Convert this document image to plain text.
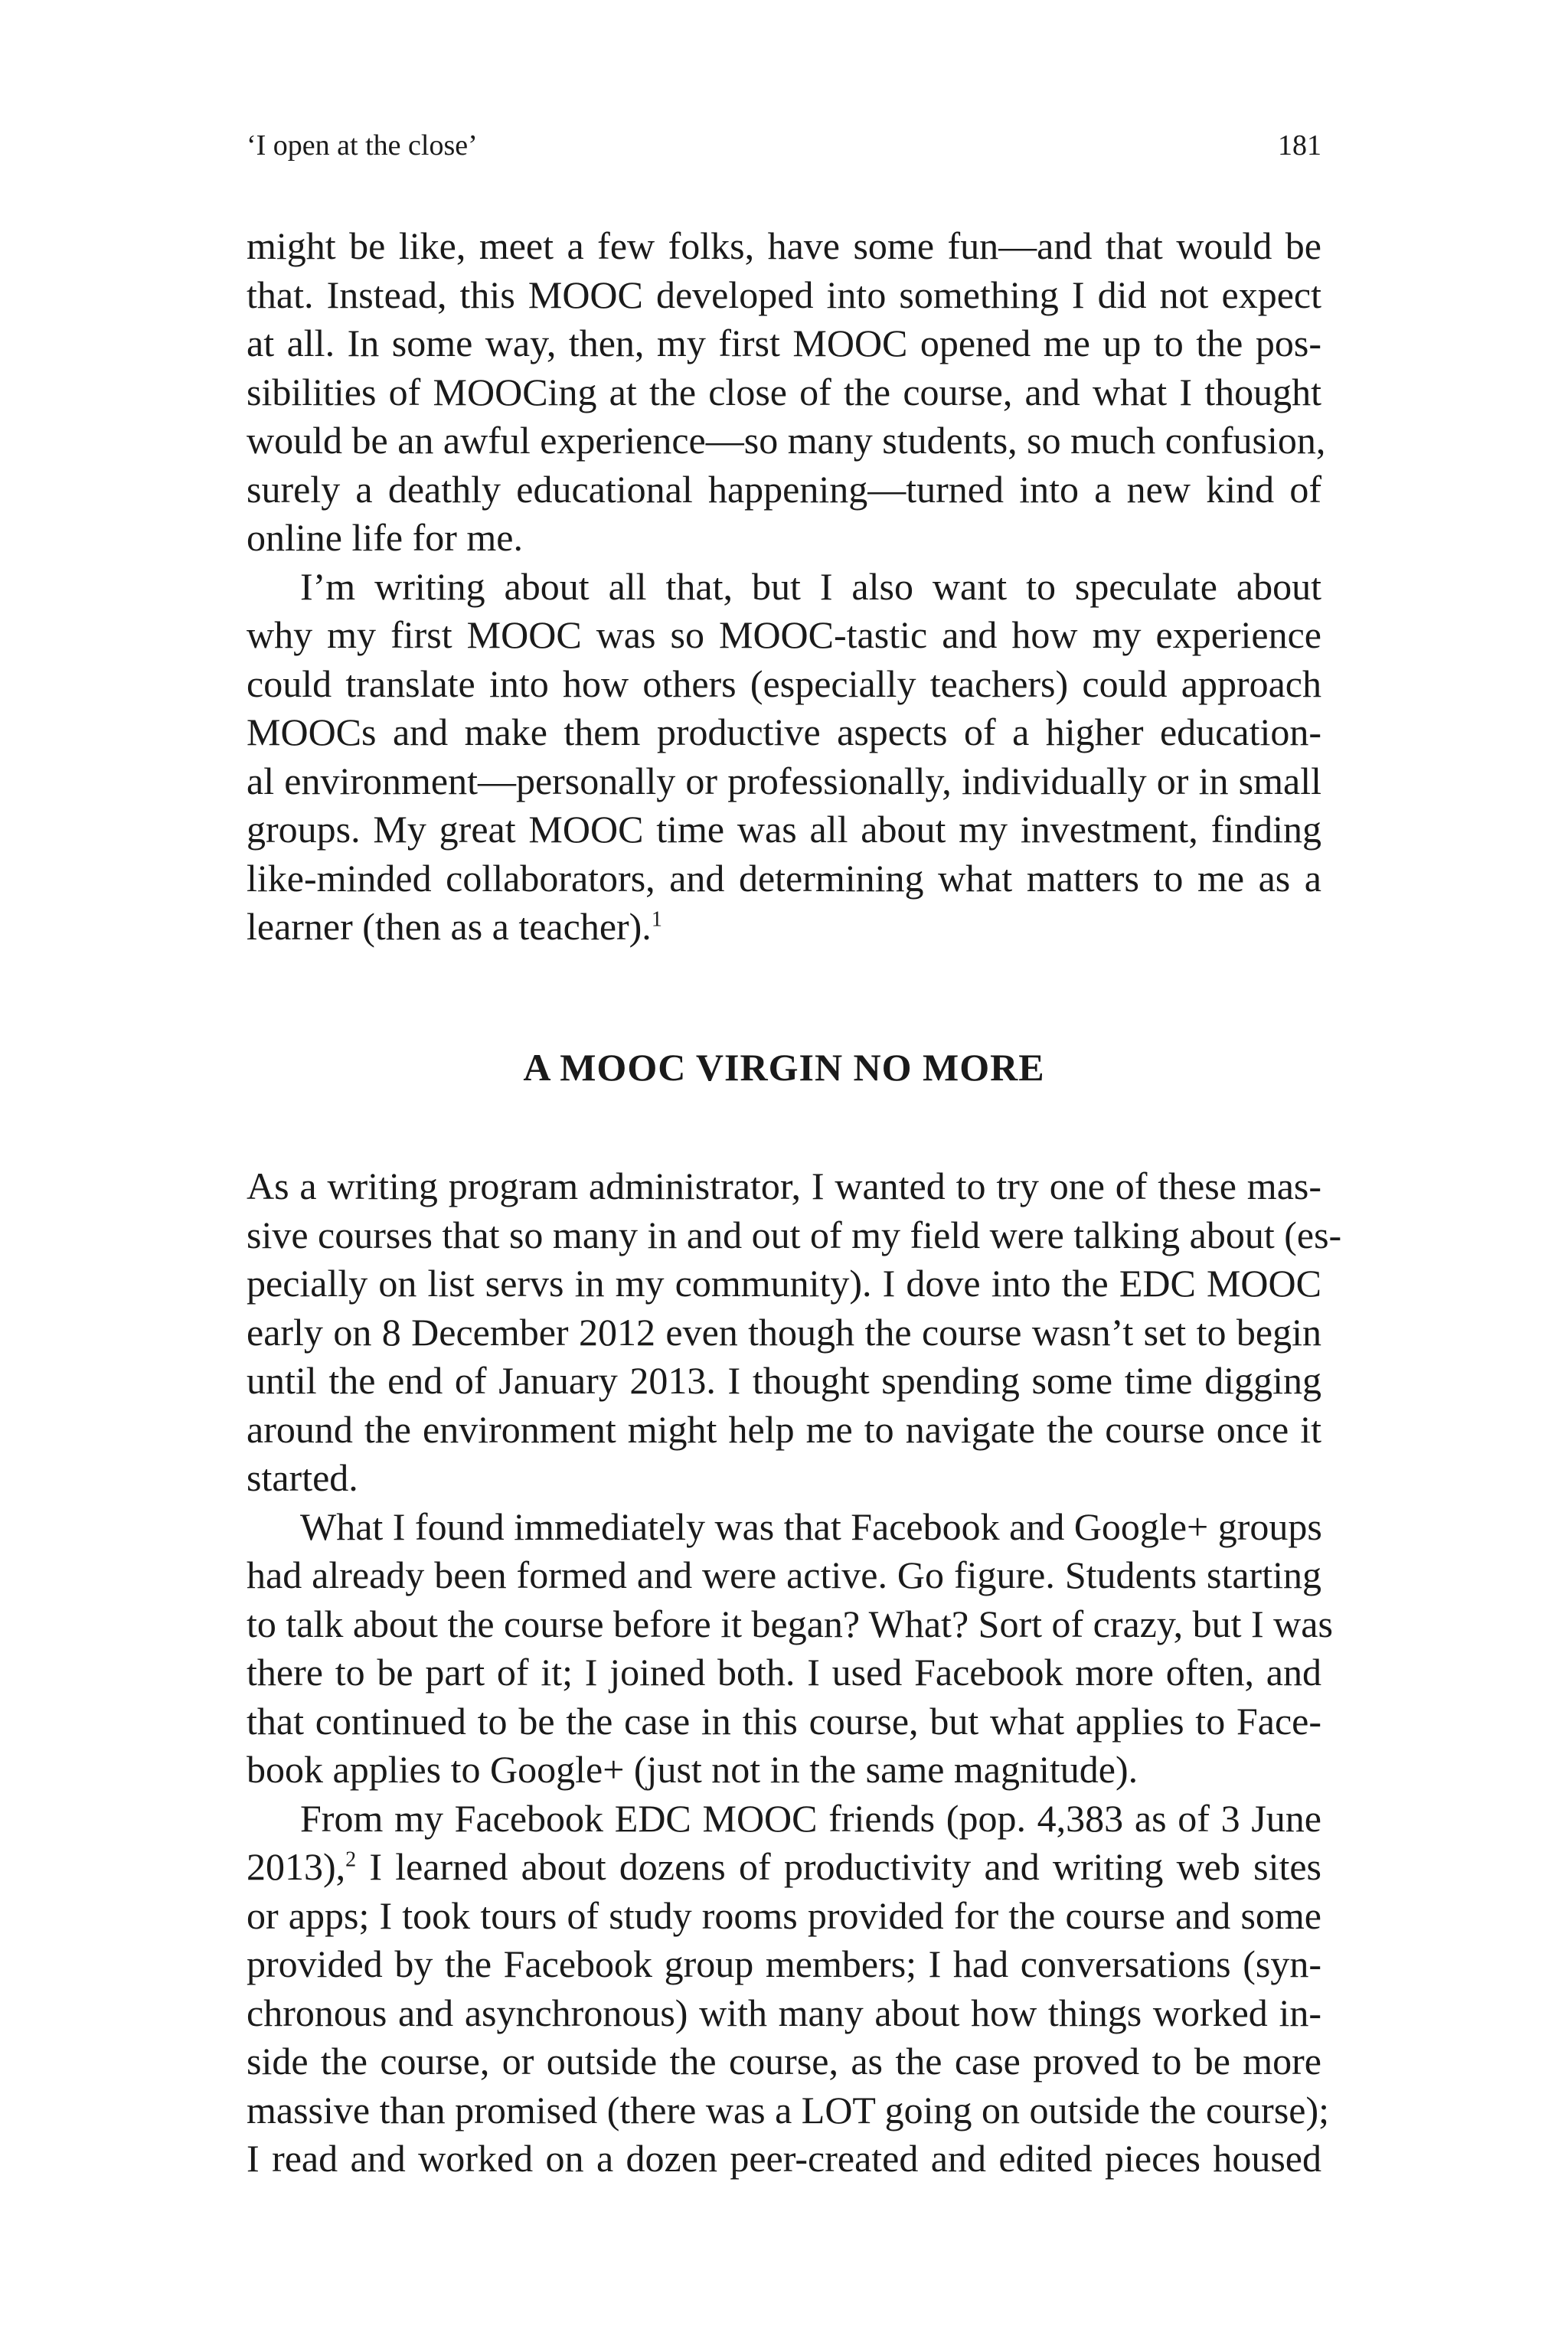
‘I open at the close’	181
might be like, meet a few folks, have some fun—and that would be
that. Instead, this MOOC developed into something I did not expect
at all. In some way, then, my first MOOC opened me up to the pos-
sibilities of MOOCing at the close of the course, and what I thought
would be an awful experience—so many students, so much confusion,
surely a deathly educational happening—turned into a new kind of
online life for me.
I’m writing about all that, but I also want to speculate about
why my first MOOC was so MOOC-tastic and how my experience
could translate into how others (especially teachers) could approach
MOOCs and make them productive aspects of a higher education-
al environment—personally or professionally, individually or in small
groups. My great MOOC time was all about my investment, finding
like-minded collaborators, and determining what matters to me as a
learner (then as a teacher).$^1$
A MOOC VIRGIN NO MORE
As a writing program administrator, I wanted to try one of these mas-
sive courses that so many in and out of my field were talking about (es-
pecially on list servs in my community). I dove into the EDC MOOC
early on 8 December 2012 even though the course wasn’t set to begin
until the end of January 2013. I thought spending some time digging
around the environment might help me to navigate the course once it
started.
What I found immediately was that Facebook and Google+ groups
had already been formed and were active. Go figure. Students starting
to talk about the course before it began? What? Sort of crazy, but I was
there to be part of it; I joined both. I used Facebook more often, and
that continued to be the case in this course, but what applies to Face-
book applies to Google+ (just not in the same magnitude).
From my Facebook EDC MOOC friends (pop. 4,383 as of 3 June
2013),$^2$ I learned about dozens of productivity and writing web sites
or apps; I took tours of study rooms provided for the course and some
provided by the Facebook group members; I had conversations (syn-
chronous and asynchronous) with many about how things worked in-
side the course, or outside the course, as the case proved to be more
massive than promised (there was a LOT going on outside the course);
I read and worked on a dozen peer-created and edited pieces housed
